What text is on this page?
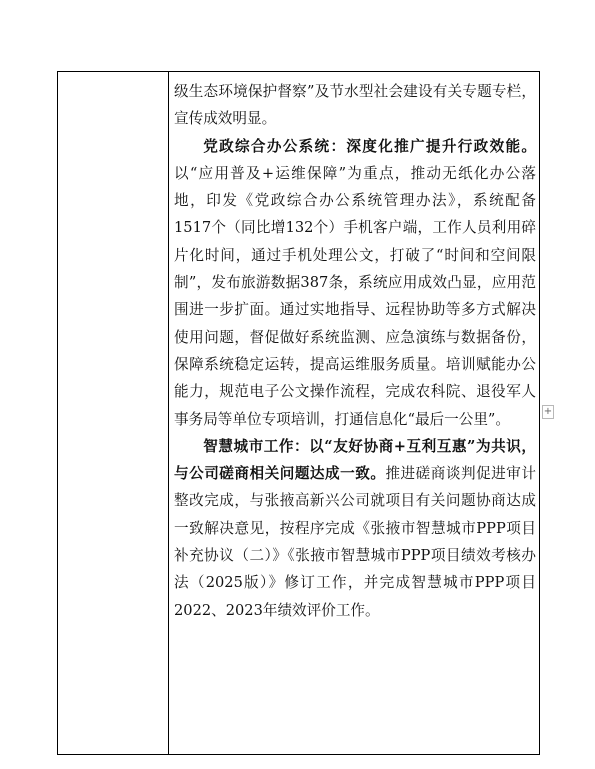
级生态环境保护督察”及节水型社会建设有关专题专栏，宣传成效明显。

党政综合办公系统：深度化推广提升行政效能。以“应用普及+运维保障”为重点，推动无纸化办公落地，印发《党政综合办公系统管理办法》，系统配备1517个（同比增132个）手机客户端，工作人员利用碎片化时间，通过手机处理公文，打破了“时间和空间限制”，发布旅游数据387条，系统应用成效凸显，应用范围进一步扩面。通过实地指导、远程协助等多方式解决使用问题，督促做好系统监测、应急演练与数据备份，保障系统稳定运转，提高运维服务质量。培训赋能办公能力，规范电子公文操作流程，完成农科院、退役军人事务局等单位专项培训，打通信息化“最后一公里”。

智慧城市工作：以“友好协商+互利互惠”为共识，与公司磋商相关问题达成一致。推进磋商谈判促进审计整改完成，与张掖高新兴公司就项目有关问题协商达成一致解决意见，按程序完成《张掖市智慧城市PPP项目补充协议（二）》《张掖市智慧城市PPP项目绩效考核办法（2025版）》修订工作，并完成智慧城市PPP项目2022、2023年绩效评价工作。

+
